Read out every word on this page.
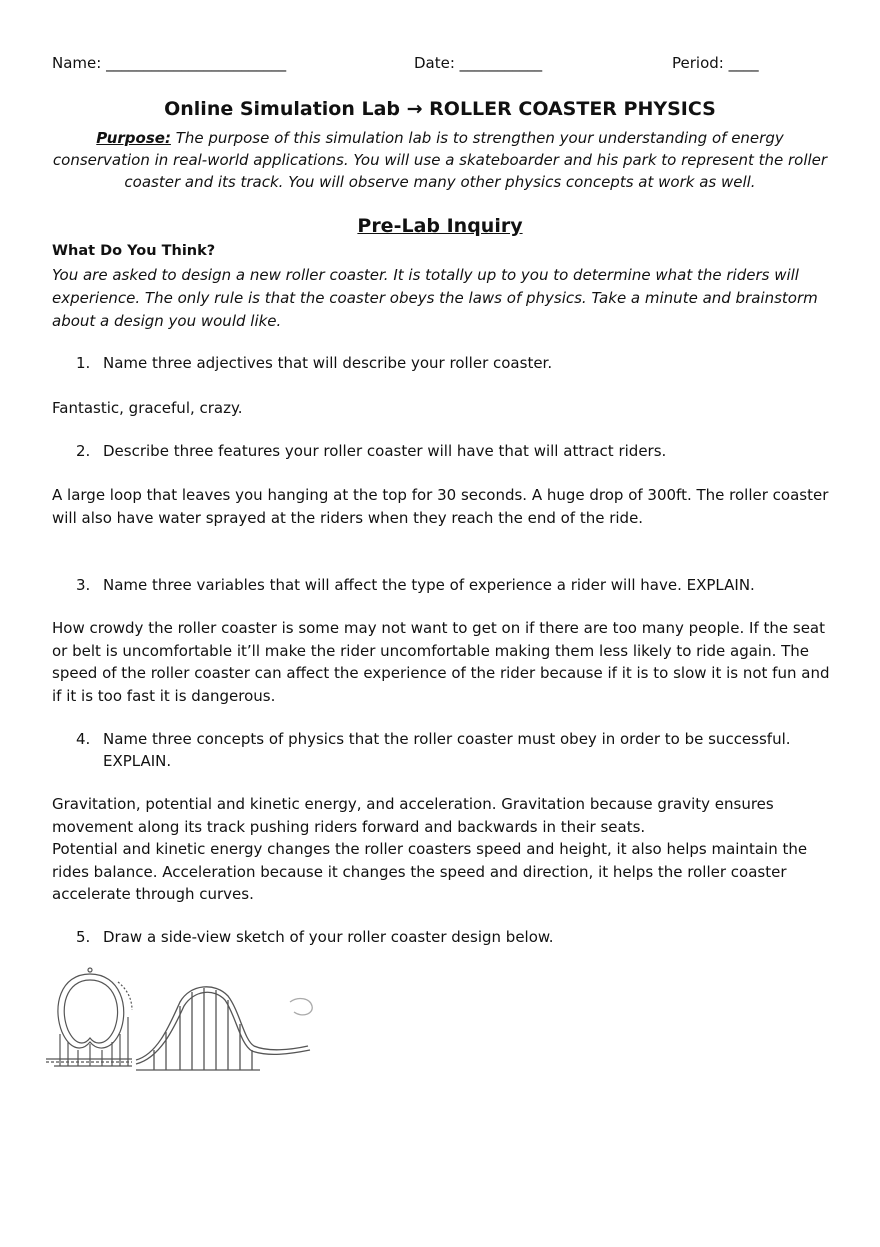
Name: ________________________	Date: ___________	Period: ____
Online Simulation Lab → ROLLER COASTER PHYSICS
Purpose: The purpose of this simulation lab is to strengthen your understanding of energy conservation in real-world applications. You will use a skateboarder and his park to represent the roller coaster and its track. You will observe many other physics concepts at work as well.
Pre-Lab Inquiry
What Do You Think?
You are asked to design a new roller coaster. It is totally up to you to determine what the riders will experience. The only rule is that the coaster obeys the laws of physics. Take a minute and brainstorm about a design you would like.
1. Name three adjectives that will describe your roller coaster.
Fantastic, graceful, crazy.
2. Describe three features your roller coaster will have that will attract riders.
A large loop that leaves you hanging at the top for 30 seconds. A huge drop of 300ft. The roller coaster will also have water sprayed at the riders when they reach the end of the ride.
3. Name three variables that will affect the type of experience a rider will have. EXPLAIN.
How crowdy the roller coaster is some may not want to get on if there are too many people. If the seat or belt is uncomfortable it’ll make the rider uncomfortable making them less likely to ride again. The speed of the roller coaster can affect the experience of the rider because if it is to slow it is not fun and if it is too fast it is dangerous.
4. Name three concepts of physics that the roller coaster must obey in order to be successful. EXPLAIN.
Gravitation, potential and kinetic energy, and acceleration. Gravitation because gravity ensures movement along its track pushing riders forward and backwards in their seats.
Potential and kinetic energy changes the roller coasters speed and height, it also helps maintain the rides balance. Acceleration because it changes the speed and direction, it helps the roller coaster accelerate through curves.
5. Draw a side-view sketch of your roller coaster design below.
